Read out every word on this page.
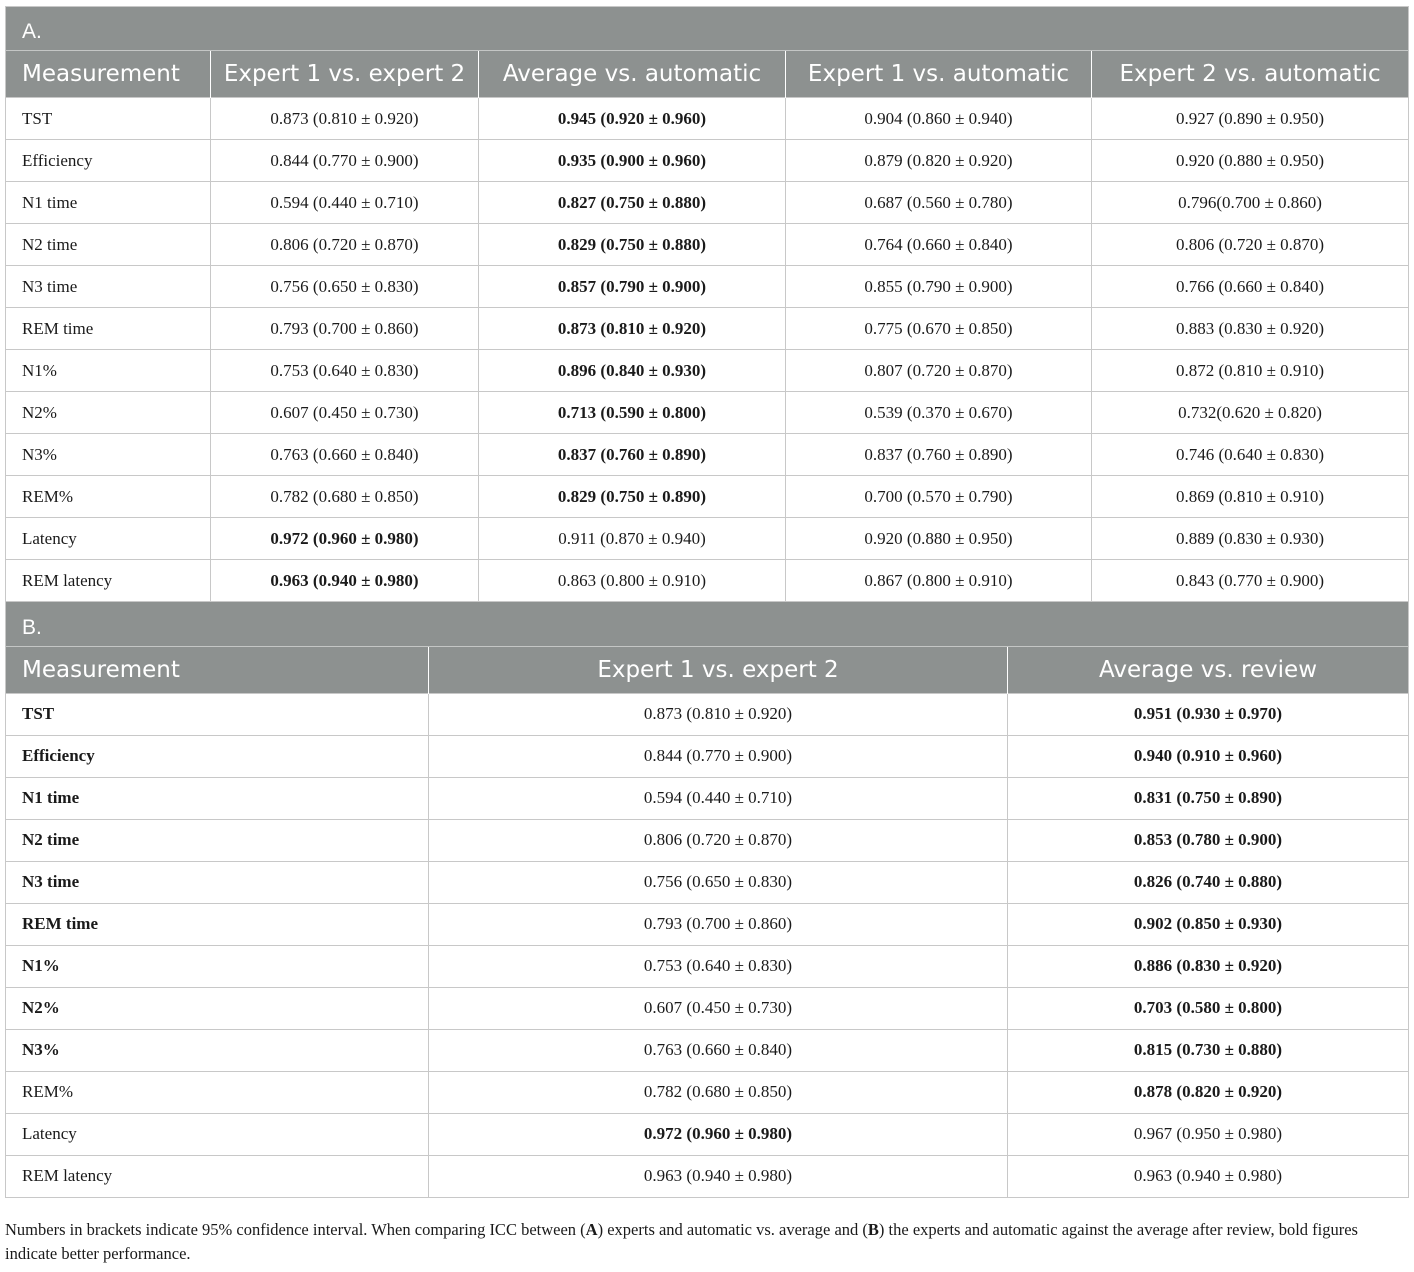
A.				
Measurement	Expert 1 vs. expert 2	Average vs. automatic	Expert 1 vs. automatic	Expert 2 vs. automatic
TST	0.873 (0.810 ± 0.920)	0.945 (0.920 ± 0.960)	0.904 (0.860 ± 0.940)	0.927 (0.890 ± 0.950)
Efficiency	0.844 (0.770 ± 0.900)	0.935 (0.900 ± 0.960)	0.879 (0.820 ± 0.920)	0.920 (0.880 ± 0.950)
N1 time	0.594 (0.440 ± 0.710)	0.827 (0.750 ± 0.880)	0.687 (0.560 ± 0.780)	0.796(0.700 ± 0.860)
N2 time	0.806 (0.720 ± 0.870)	0.829 (0.750 ± 0.880)	0.764 (0.660 ± 0.840)	0.806 (0.720 ± 0.870)
N3 time	0.756 (0.650 ± 0.830)	0.857 (0.790 ± 0.900)	0.855 (0.790 ± 0.900)	0.766 (0.660 ± 0.840)
REM time	0.793 (0.700 ± 0.860)	0.873 (0.810 ± 0.920)	0.775 (0.670 ± 0.850)	0.883 (0.830 ± 0.920)
N1%	0.753 (0.640 ± 0.830)	0.896 (0.840 ± 0.930)	0.807 (0.720 ± 0.870)	0.872 (0.810 ± 0.910)
N2%	0.607 (0.450 ± 0.730)	0.713 (0.590 ± 0.800)	0.539 (0.370 ± 0.670)	0.732(0.620 ± 0.820)
N3%	0.763 (0.660 ± 0.840)	0.837 (0.760 ± 0.890)	0.837 (0.760 ± 0.890)	0.746 (0.640 ± 0.830)
REM%	0.782 (0.680 ± 0.850)	0.829 (0.750 ± 0.890)	0.700 (0.570 ± 0.790)	0.869 (0.810 ± 0.910)
Latency	0.972 (0.960 ± 0.980)	0.911 (0.870 ± 0.940)	0.920 (0.880 ± 0.950)	0.889 (0.830 ± 0.930)
REM latency	0.963 (0.940 ± 0.980)	0.863 (0.800 ± 0.910)	0.867 (0.800 ± 0.910)	0.843 (0.770 ± 0.900)
B.		
Measurement	Expert 1 vs. expert 2	Average vs. review
TST	0.873 (0.810 ± 0.920)	0.951 (0.930 ± 0.970)
Efficiency	0.844 (0.770 ± 0.900)	0.940 (0.910 ± 0.960)
N1 time	0.594 (0.440 ± 0.710)	0.831 (0.750 ± 0.890)
N2 time	0.806 (0.720 ± 0.870)	0.853 (0.780 ± 0.900)
N3 time	0.756 (0.650 ± 0.830)	0.826 (0.740 ± 0.880)
REM time	0.793 (0.700 ± 0.860)	0.902 (0.850 ± 0.930)
N1%	0.753 (0.640 ± 0.830)	0.886 (0.830 ± 0.920)
N2%	0.607 (0.450 ± 0.730)	0.703 (0.580 ± 0.800)
N3%	0.763 (0.660 ± 0.840)	0.815 (0.730 ± 0.880)
REM%	0.782 (0.680 ± 0.850)	0.878 (0.820 ± 0.920)
Latency	0.972 (0.960 ± 0.980)	0.967 (0.950 ± 0.980)
REM latency	0.963 (0.940 ± 0.980)	0.963 (0.940 ± 0.980)
Numbers in brackets indicate 95% confidence interval. When comparing ICC between (A) experts and automatic vs. average and (B) the experts and automatic against the average after review, bold figures indicate better performance.
